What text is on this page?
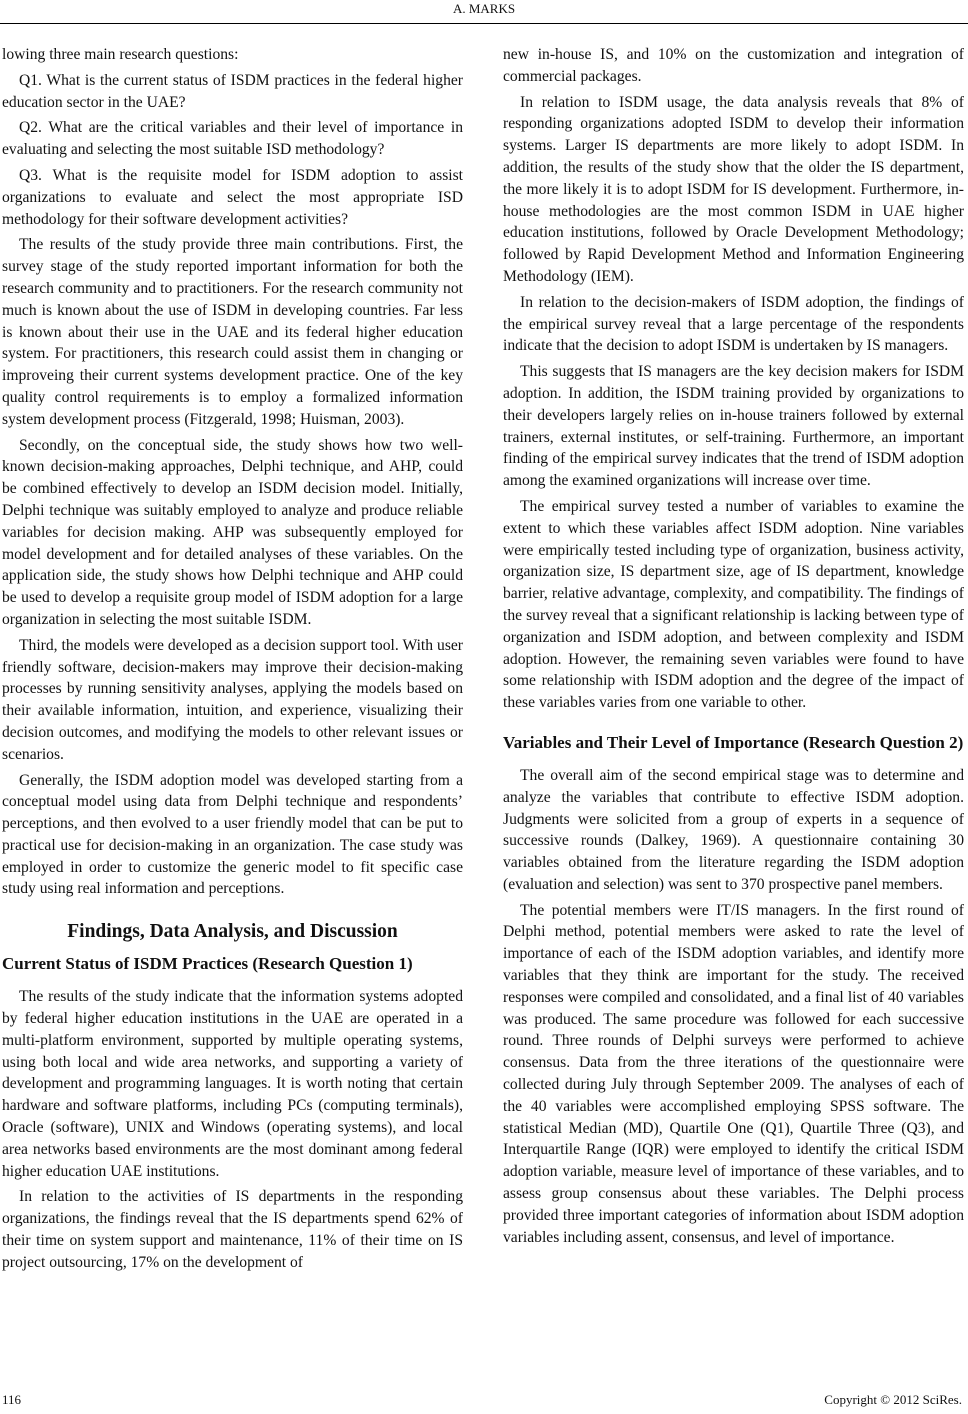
A. MARKS

lowing three main research questions:

Q1. What is the current status of ISDM practices in the federal higher education sector in the UAE?

Q2. What are the critical variables and their level of importance in evaluating and selecting the most suitable ISD methodology?

Q3. What is the requisite model for ISDM adoption to assist organizations to evaluate and select the most appropriate ISD methodology for their software development activities?

The results of the study provide three main contributions. First, the survey stage of the study reported important information for both the research community and to practitioners. For the research community not much is known about the use of ISDM in developing countries. Far less is known about their use in the UAE and its federal higher education system. For practitioners, this research could assist them in changing or improveing their current systems development practice. One of the key quality control requirements is to employ a formalized information system development process (Fitzgerald, 1998; Huisman, 2003).

Secondly, on the conceptual side, the study shows how two well-known decision-making approaches, Delphi technique, and AHP, could be combined effectively to develop an ISDM decision model. Initially, Delphi technique was suitably employed to analyze and produce reliable variables for decision making. AHP was subsequently employed for model development and for detailed analyses of these variables. On the application side, the study shows how Delphi technique and AHP could be used to develop a requisite group model of ISDM adoption for a large organization in selecting the most suitable ISDM.

Third, the models were developed as a decision support tool. With user friendly software, decision-makers may improve their decision-making processes by running sensitivity analyses, applying the models based on their available information, intuition, and experience, visualizing their decision outcomes, and modifying the models to other relevant issues or scenarios.

Generally, the ISDM adoption model was developed starting from a conceptual model using data from Delphi technique and respondents’ perceptions, and then evolved to a user friendly model that can be put to practical use for decision-making in an organization. The case study was employed in order to customize the generic model to fit specific case study using real information and perceptions.

Findings, Data Analysis, and Discussion
Current Status of ISDM Practices (Research Question 1)

The results of the study indicate that the information systems adopted by federal higher education institutions in the UAE are operated in a multi-platform environment, supported by multiple operating systems, using both local and wide area networks, and supporting a variety of development and programming languages. It is worth noting that certain hardware and software platforms, including PCs (computing terminals), Oracle (software), UNIX and Windows (operating systems), and local area networks based environments are the most dominant among federal higher education UAE institutions.

In relation to the activities of IS departments in the responding organizations, the findings reveal that the IS departments spend 62% of their time on system support and maintenance, 11% of their time on IS project outsourcing, 17% on the development of

new in-house IS, and 10% on the customization and integration of commercial packages.

In relation to ISDM usage, the data analysis reveals that 8% of responding organizations adopted ISDM to develop their information systems. Larger IS departments are more likely to adopt ISDM. In addition, the results of the study show that the older the IS department, the more likely it is to adopt ISDM for IS development. Furthermore, in-house methodologies are the most common ISDM in UAE higher education institutions, followed by Oracle Development Methodology; followed by Rapid Development Method and Information Engineering Methodology (IEM).

In relation to the decision-makers of ISDM adoption, the findings of the empirical survey reveal that a large percentage of the respondents indicate that the decision to adopt ISDM is undertaken by IS managers.

This suggests that IS managers are the key decision makers for ISDM adoption. In addition, the ISDM training provided by organizations to their developers largely relies on in-house trainers followed by external trainers, external institutes, or self-training. Furthermore, an important finding of the empirical survey indicates that the trend of ISDM adoption among the examined organizations will increase over time.

The empirical survey tested a number of variables to examine the extent to which these variables affect ISDM adoption. Nine variables were empirically tested including type of organization, business activity, organization size, IS department size, age of IS department, knowledge barrier, relative advantage, complexity, and compatibility. The findings of the survey reveal that a significant relationship is lacking between type of organization and ISDM adoption, and between complexity and ISDM adoption. However, the remaining seven variables were found to have some relationship with ISDM adoption and the degree of the impact of these variables varies from one variable to other.

Variables and Their Level of Importance (Research Question 2)

The overall aim of the second empirical stage was to determine and analyze the variables that contribute to effective ISDM adoption. Judgments were solicited from a group of experts in a sequence of successive rounds (Dalkey, 1969). A questionnaire containing 30 variables obtained from the literature regarding the ISDM adoption (evaluation and selection) was sent to 370 prospective panel members.

The potential members were IT/IS managers. In the first round of Delphi method, potential members were asked to rate the level of importance of each of the ISDM adoption variables, and identify more variables that they think are important for the study. The received responses were compiled and consolidated, and a final list of 40 variables was produced. The same procedure was followed for each successive round. Three rounds of Delphi surveys were performed to achieve consensus. Data from the three iterations of the questionnaire were collected during July through September 2009. The analyses of each of the 40 variables were accomplished employing SPSS software. The statistical Median (MD), Quartile One (Q1), Quartile Three (Q3), and Interquartile Range (IQR) were employed to identify the critical ISDM adoption variable, measure level of importance of these variables, and to assess group consensus about these variables. The Delphi process provided three important categories of information about ISDM adoption variables including assent, consensus, and level of importance.

116	Copyright © 2012 SciRes.
